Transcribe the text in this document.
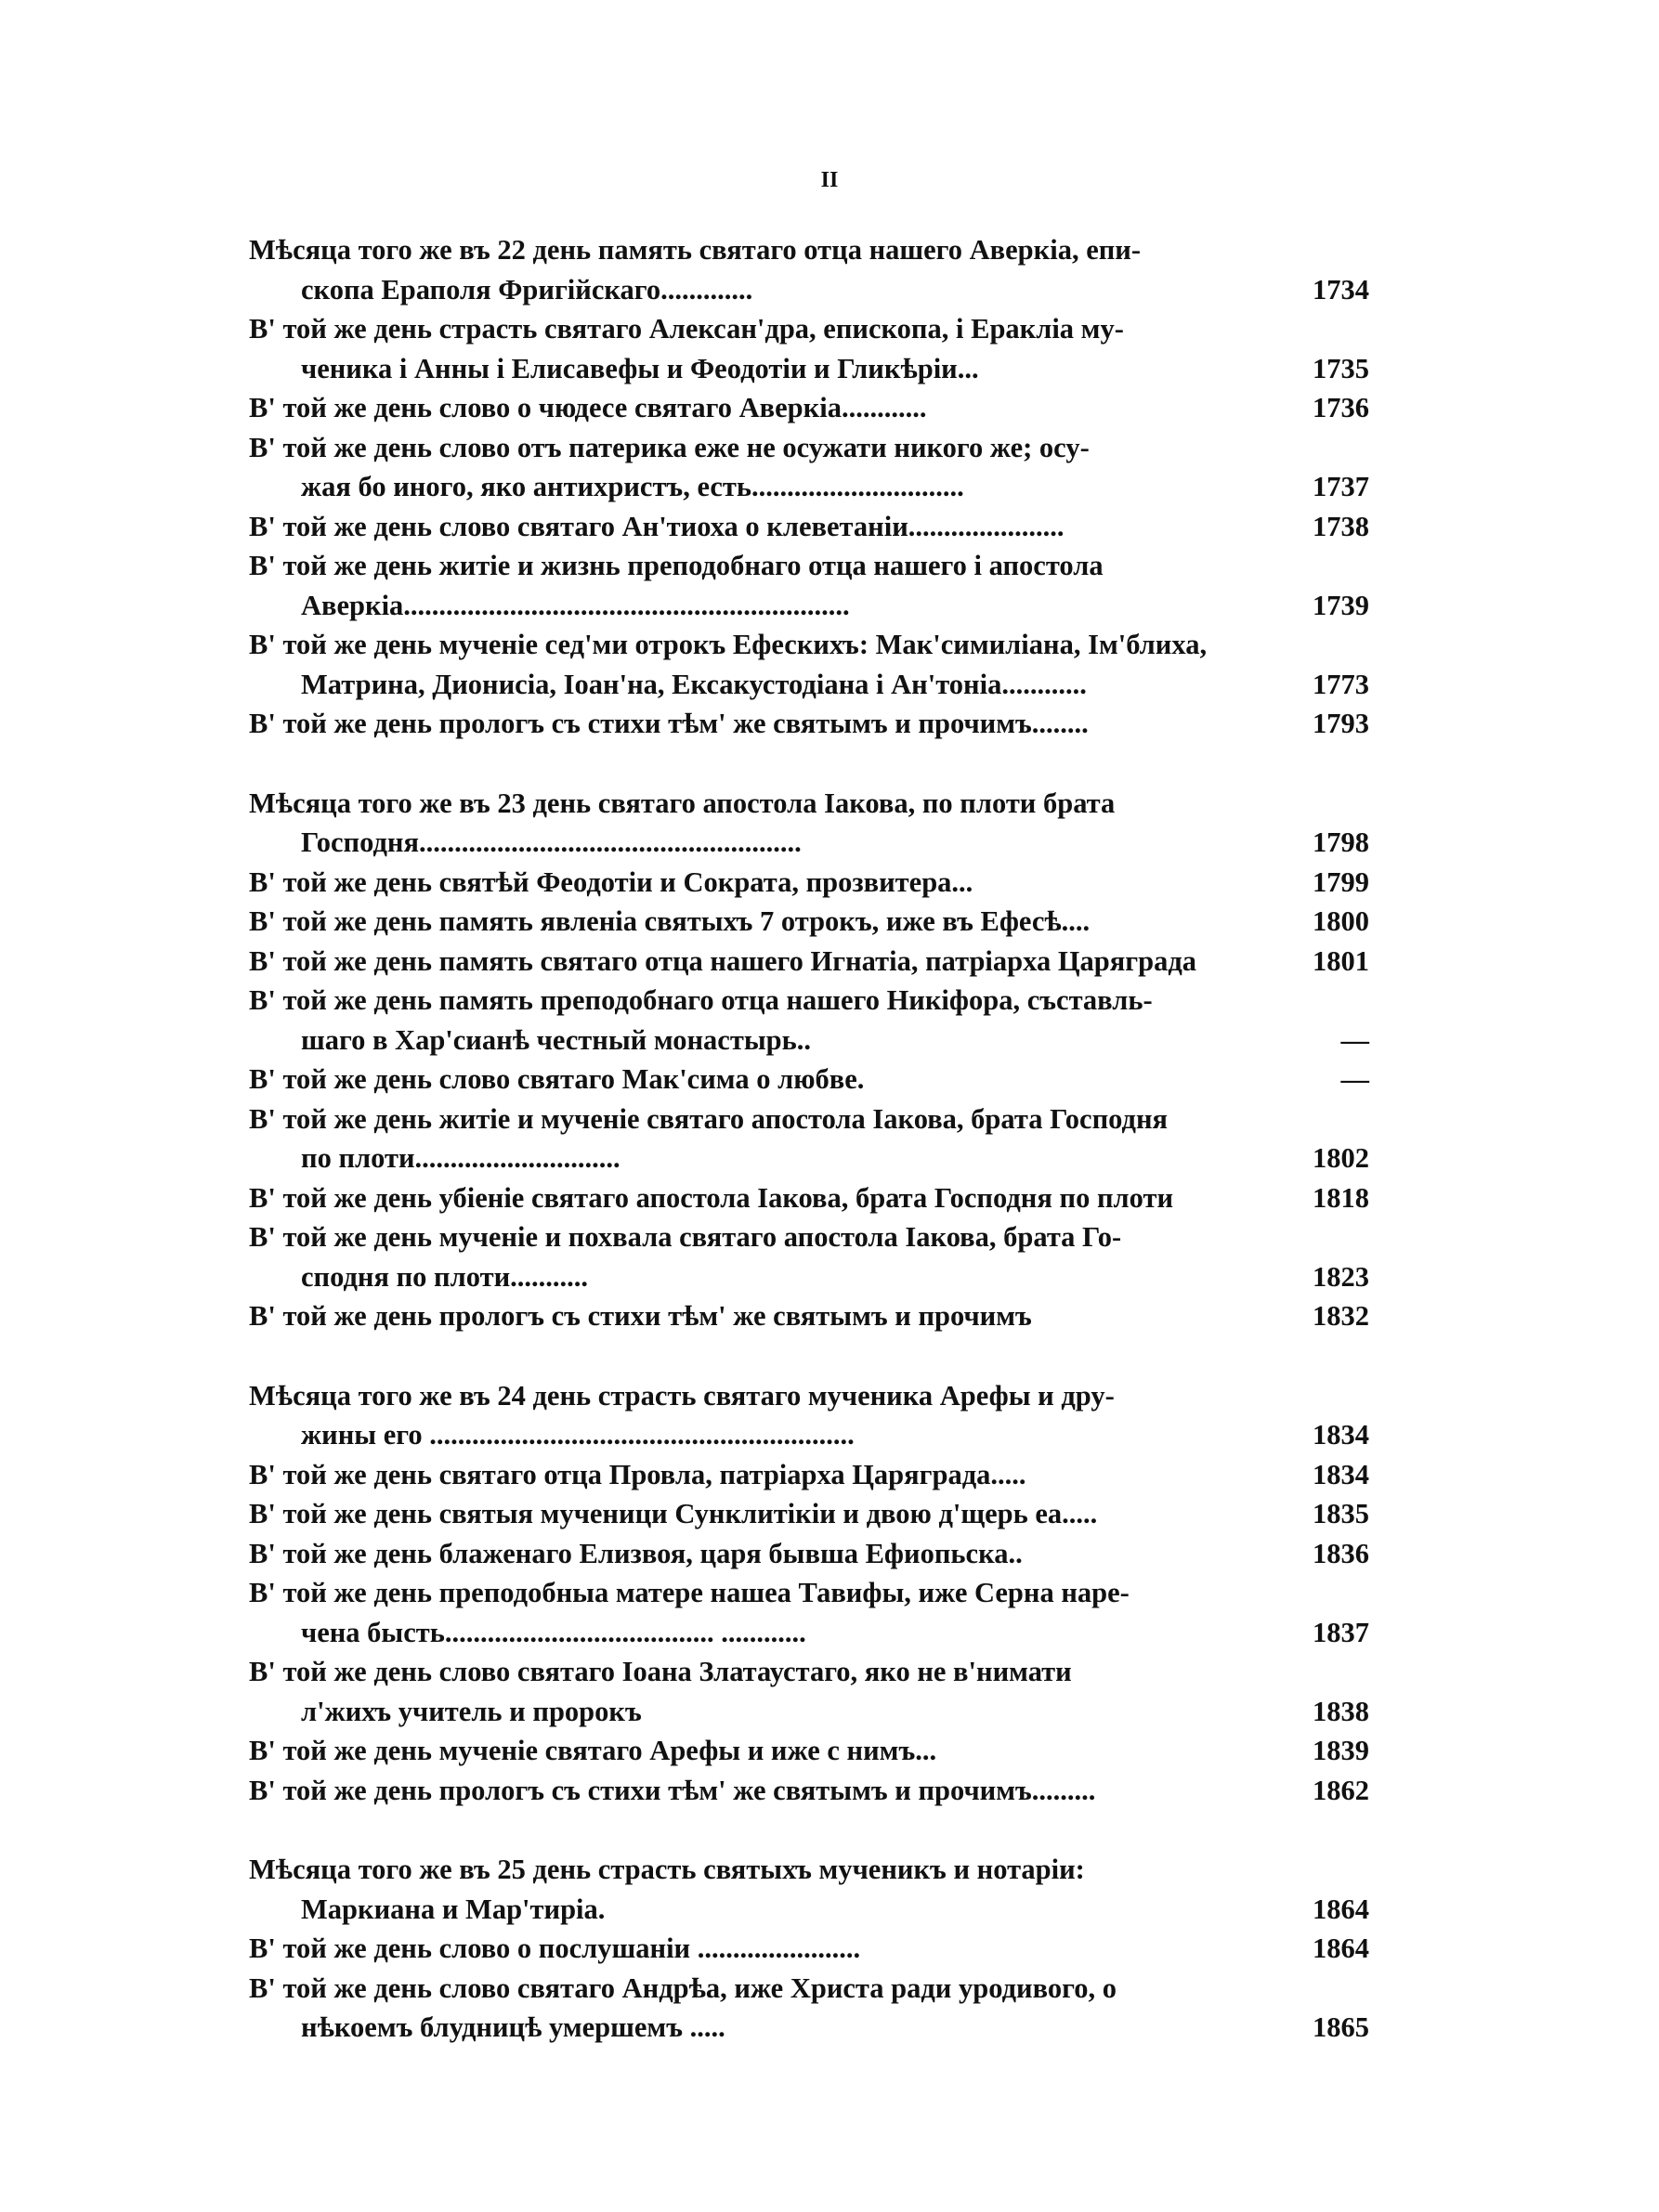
II
Мѣсяца того же въ 22 день память святаго отца нашего Аверкіа, епи-
скопа Ераполя Фригійскаго.............	1734
В' той же день страсть святаго Алексан'дра, епископа, і Ераклia му-
ченика і Анны і Елисавефы и Феодотіи и Гликѣріи...	1735
В' той же день слово о чюдесе святаго Аверкіа............	1736
В' той же день слово отъ патерика еже не осужати никого же; осу-
жая бо иного, яко антихристъ, есть..............................	1737
В' той же день слово святаго Ан'тиоха о клеветаніи......................	1738
В' той же день житіе и жизнь преподобнаго отца нашего і апостола
Аверкіа...............................................................	1739
В' той же день мученіе сед'ми отрокъ Ефескихъ: Мак'симиліана, Ім'блиха,
Матрина, Дионисіа, Іоан'на, Ексакустодіана і Ан'тоніа............	1773
В' той же день прологъ съ стихи тѣм' же святымъ и прочимъ........	1793
Мѣсяца того же въ 23 день святаго апостола Іакова, по плоти брата
Господня......................................................	1798
В' той же день святѣй Феодотіи и Сократа, прозвитера...	1799
В' той же день память явленіа святыхъ 7 отрокъ, иже въ Ефесѣ....	1800
В' той же день память святаго отца нашего Игнатіа, патріарха Царяграда	1801
В' той же день память преподобнаго отца нашего Никіфора, съставль-
шаго в Хар'сианѣ честный монастырь..	—
В' той же день слово святаго Мак'сима о любве.	—
В' той же день житіе и мученіе святаго апостола Іакова, брата Господня
по плоти.............................	1802
В' той же день убіеніе святаго апостола Іакова, брата Господня по плоти	1818
В' той же день мученіе и похвала святаго апостола Іакова, брата Го-
сподня по плоти...........	1823
В' той же день прологъ съ стихи тѣм' же святымъ и прочимъ	1832
Мѣсяца того же въ 24 день страсть святаго мученика Арефы и дру-
жины его ............................................................	1834
В' той же день святаго отца Провла, патріарха Царяграда.....	1834
В' той же день святыя мученици Сунклитікіи и двою д'щерь еа.....	1835
В' той же день блаженаго Елизвоя, царя бывша Ефиопьска..	1836
В' той же день преподобныа матере нашеа Тавифы, иже Серна наре-
чена бысть...................................... ............	1837
В' той же день слово святаго Іоана Златаустаго, яко не в'нимати
л'жихъ учитель и пророкъ	1838
В' той же день мученіе святаго Арефы и иже с нимъ...	1839
В' той же день прологъ съ стихи тѣм' же святымъ и прочимъ.........	1862
Мѣсяца того же въ 25 день страсть святыхъ мученикъ и нотаріи:
Маркиана и Мар'тиріа.	1864
В' той же день слово о послушаніи .......................	1864
В' той же день слово святаго Андрѣа, иже Христа ради уродивого, о
нѣкоемъ блудницѣ умершемъ .....	1865
